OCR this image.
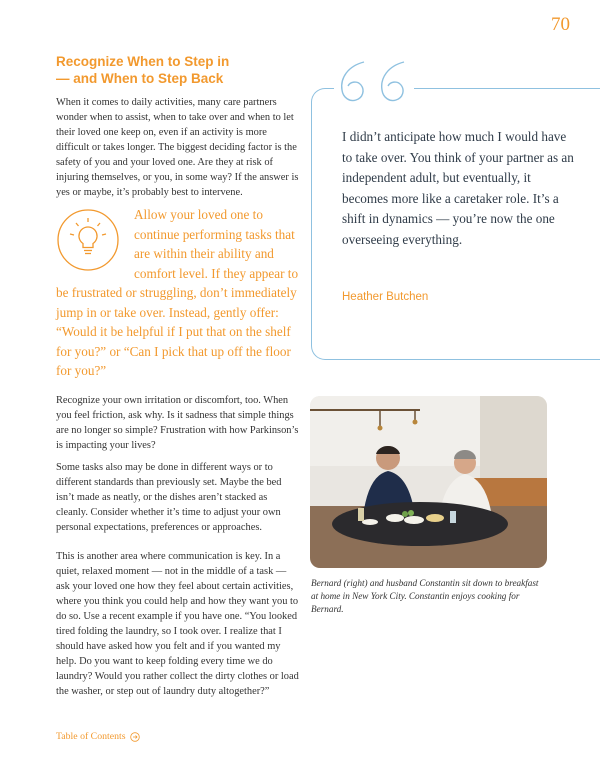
70
Recognize When to Step in
— and When to Step Back

When it comes to daily activities, many care partners wonder when to assist, when to take over and when to let their loved one keep on, even if an activity is more difficult or takes longer. The biggest deciding factor is the safety of you and your loved one. Are they at risk of injuring themselves, or you, in some way? If the answer is yes or maybe, it’s probably best to intervene.

Allow your loved one to continue performing tasks that are within their ability and comfort level. If they appear to be frustrated or struggling, don’t immediately jump in or take over. Instead, gently offer: “Would it be helpful if I put that on the shelf for you?” or “Can I pick that up off the floor for you?”

Recognize your own irritation or discomfort, too. When you feel friction, ask why. Is it sadness that simple things are no longer so simple? Frustration with how Parkinson’s is impacting your lives?

Some tasks also may be done in different ways or to different standards than previously set. Maybe the bed isn’t made as neatly, or the dishes aren’t stacked as cleanly. Consider whether it’s time to adjust your own personal expectations, preferences or approaches.

This is another area where communication is key. In a quiet, relaxed moment — not in the middle of a task — ask your loved one how they feel about certain activities, where you think you could help and how they want you to do so. Use a recent example if you have one. “You looked tired folding the laundry, so I took over. I realize that I should have asked how you felt and if you wanted my help. Do you want to keep folding every time we do laundry? Would you rather collect the dirty clothes or load the washer, or step out of laundry duty altogether?”

I didn’t anticipate how much I would have to take over. You think of your partner as an independent adult, but eventually, it becomes more like a caretaker role. It’s a shift in dynamics — you’re now the one overseeing everything.
Heather Butchen
Bernard (right) and husband Constantin sit down to breakfast at home in New York City. Constantin enjoys cooking for Bernard.
Table of Contents
